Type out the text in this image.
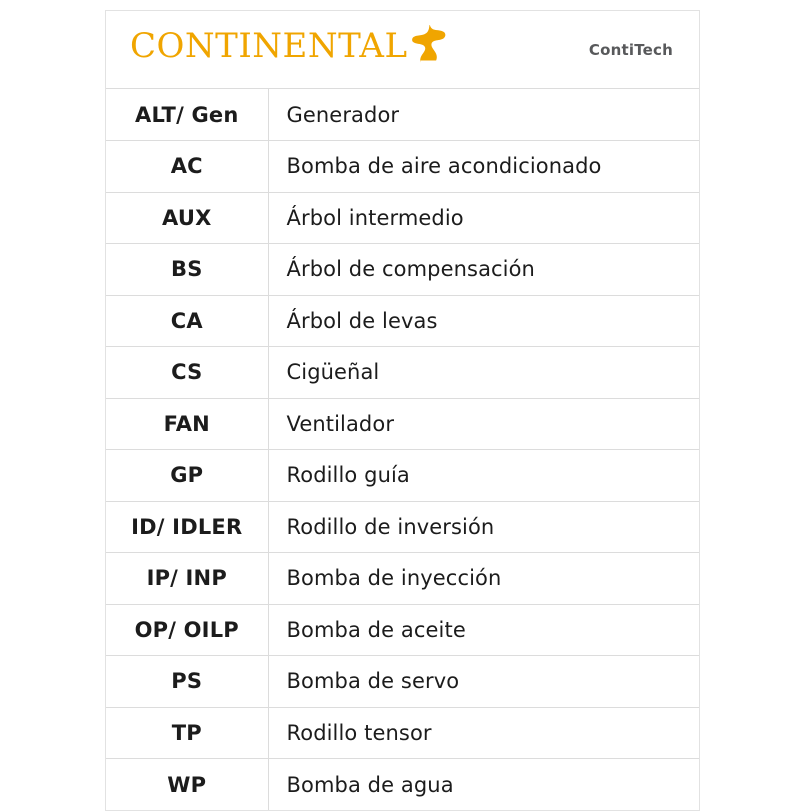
CONTINENTAL	ContiTech
ALT/ Gen	Generador
AC	Bomba de aire acondicionado
AUX	Árbol intermedio
BS	Árbol de compensación
CA	Árbol de levas
CS	Cigüeñal
FAN	Ventilador
GP	Rodillo guía
ID/ IDLER	Rodillo de inversión
IP/ INP	Bomba de inyección
OP/ OILP	Bomba de aceite
PS	Bomba de servo
TP	Rodillo tensor
WP	Bomba de agua
